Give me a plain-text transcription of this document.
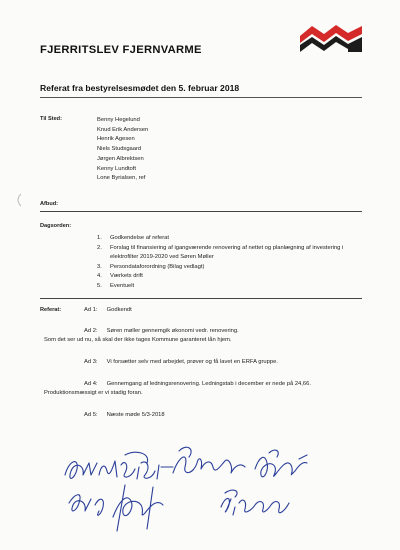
FJERRITSLEV FJERNVARME
Referat fra bestyrelsesmødet den 5. februar 2018
Til Sted:	Benny Hegelund
Knud Erik Andersen
Henrik Agesen
Niels Studsgaard
Jørgen Albrektsen
Kenny Lundtoft
Lone Byrialsen, ref
Afbud:
Dagsorden:
1.	Godkendelse af referat
2.	Forslag til finansiering af igangværende renovering af nettet og planlægning af investering i elektrofilter 2019-2020 ved Søren Møller
3.	Persondataforordning (Bilag vedlagt)
4.	Værkets drift
5.	Eventuelt
Referat:	Ad 1: Godkendt
Ad 2: Søren møller gennemgik økonomi vedr. renovering.
Som det ser ud nu, så skal der ikke tages Kommune garanteret lån hjem.
Ad 3: Vi forsætter selv med arbejdet, prøver og få lavet en ERFA gruppe.
Ad 4: Gennemgang af ledningsrenovering. Ledningstab i december er nede på 24,66.
Produktionsmæssigt er vi stadig foran.
Ad 5: Næste møde 5/3-2018
